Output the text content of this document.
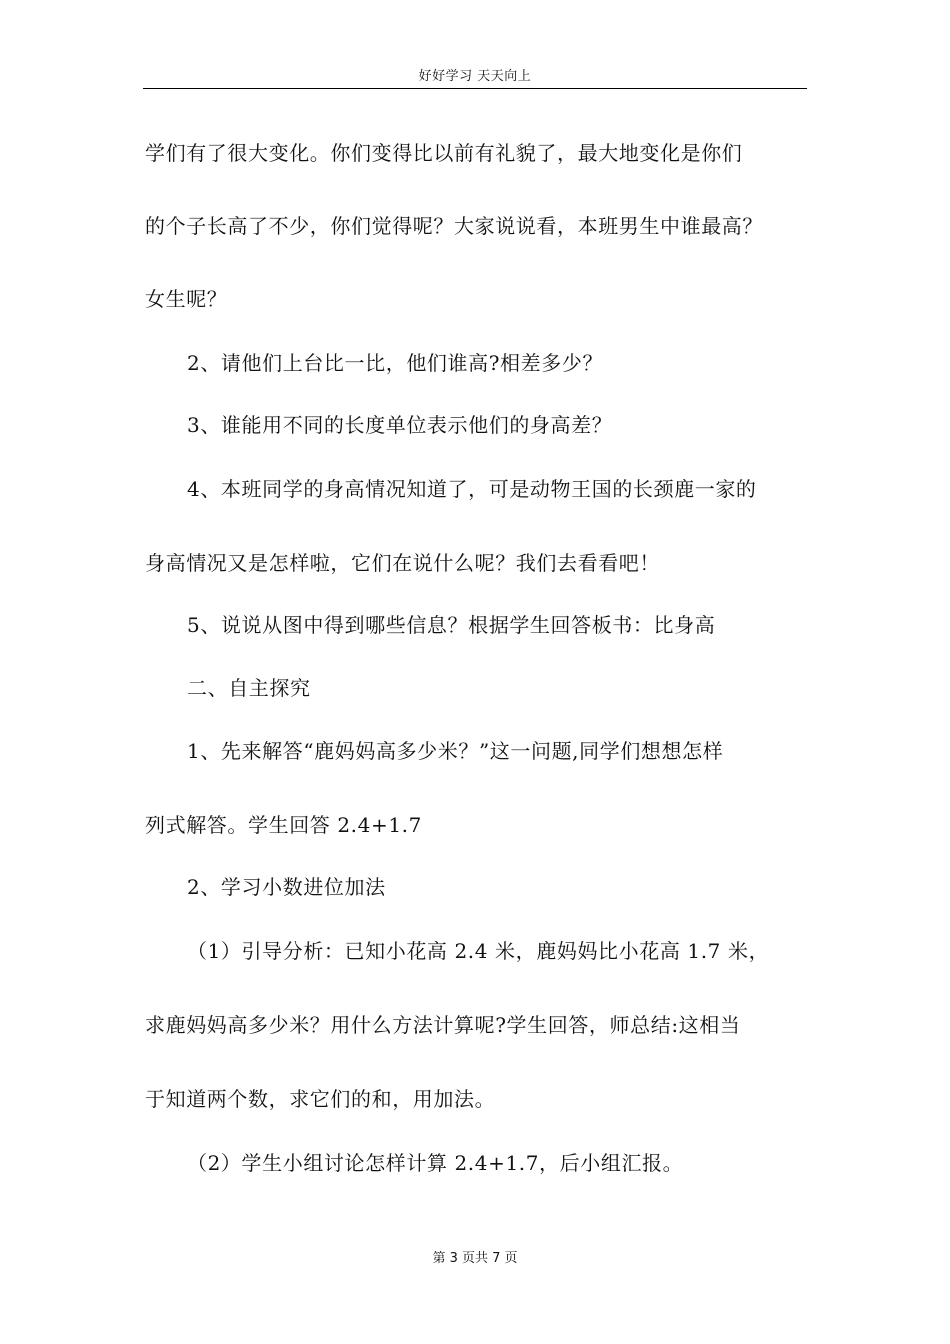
好好学习 天天向上
学们有了很大变化。你们变得比以前有礼貌了，最大地变化是你们
的个子长高了不少，你们觉得呢？大家说说看，本班男生中谁最高？
女生呢？
2、请他们上台比一比，他们谁高?相差多少？
3、谁能用不同的长度单位表示他们的身高差？
4、本班同学的身高情况知道了，可是动物王国的长颈鹿一家的
身高情况又是怎样啦，它们在说什么呢？我们去看看吧！
5、说说从图中得到哪些信息？根据学生回答板书：比身高
二、自主探究
1、先来解答“鹿妈妈高多少米？”这一问题,同学们想想怎样
列式解答。学生回答 2.4+1.7
2、学习小数进位加法
（1）引导分析：已知小花高 2.4 米，鹿妈妈比小花高 1.7 米，
求鹿妈妈高多少米？用什么方法计算呢?学生回答，师总结:这相当
于知道两个数，求它们的和，用加法。
（2）学生小组讨论怎样计算 2.4+1.7，后小组汇报。
第 3 页共 7 页
